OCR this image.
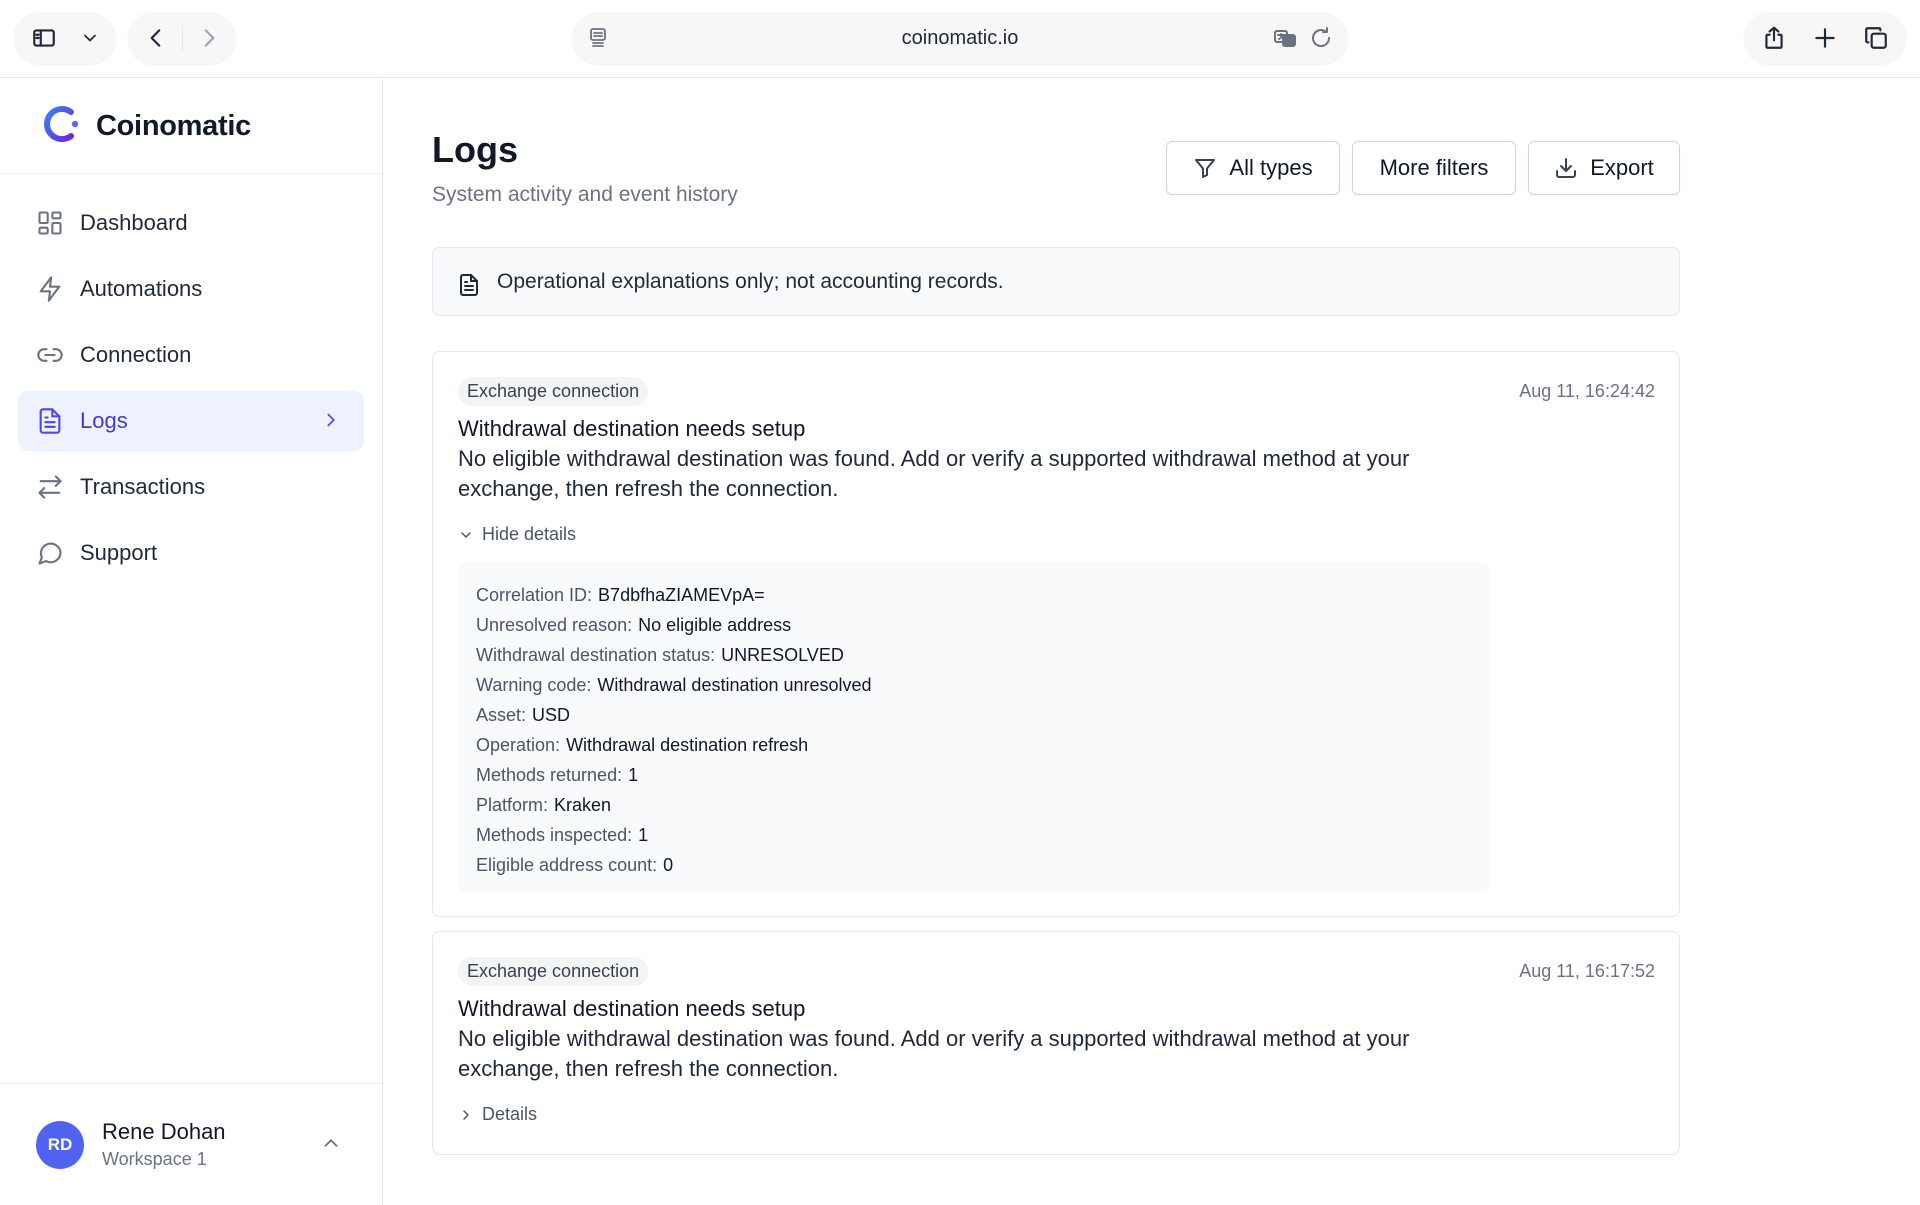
coinomatic.io
Coinomatic
Dashboard
Automations
Connection
Logs
Transactions
Support
RD	Rene Dohan
Workspace 1
Logs
System activity and event history
All types	More filters	Export
Operational explanations only; not accounting records.
Exchange connection	Aug 11, 16:24:42
Withdrawal destination needs setup
No eligible withdrawal destination was found. Add or verify a supported withdrawal method at your exchange, then refresh the connection.
Hide details
Correlation ID: B7dbfhaZIAMEVpA=
Unresolved reason: No eligible address
Withdrawal destination status: UNRESOLVED
Warning code: Withdrawal destination unresolved
Asset: USD
Operation: Withdrawal destination refresh
Methods returned: 1
Platform: Kraken
Methods inspected: 1
Eligible address count: 0
Exchange connection	Aug 11, 16:17:52
Withdrawal destination needs setup
No eligible withdrawal destination was found. Add or verify a supported withdrawal method at your exchange, then refresh the connection.
Details
